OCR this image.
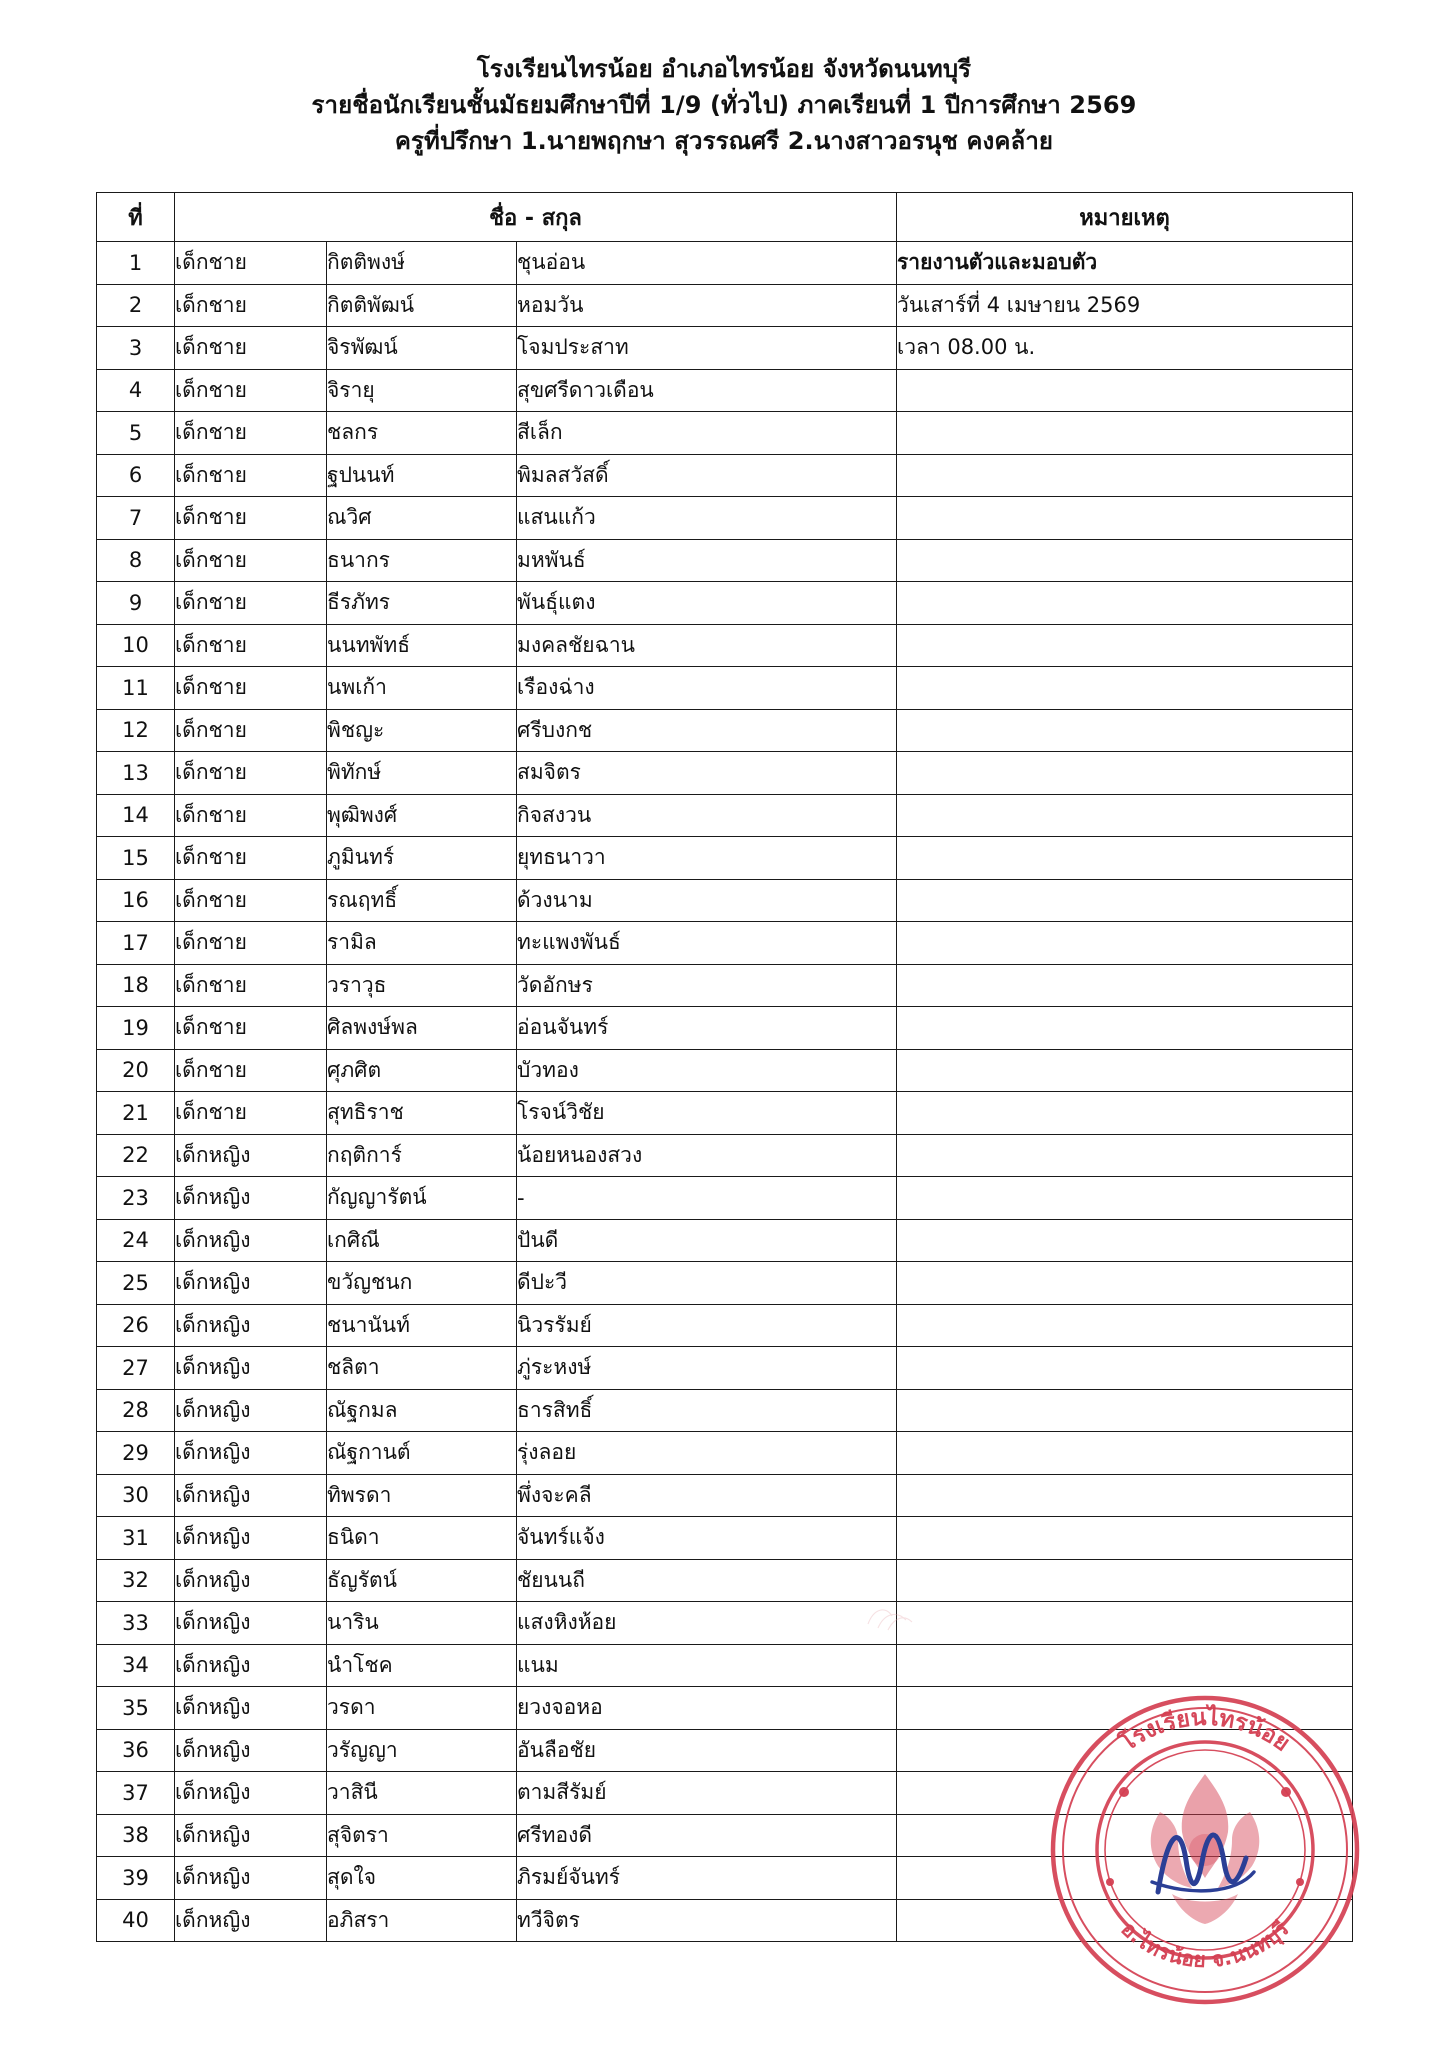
โรงเรียนไทรน้อย อำเภอไทรน้อย จังหวัดนนทบุรี
รายชื่อนักเรียนชั้นมัธยมศึกษาปีที่ 1/9 (ทั่วไป) ภาคเรียนที่ 1 ปีการศึกษา 2569
ครูที่ปรึกษา 1.นายพฤกษา สุวรรณศรี 2.นางสาวอรนุช คงคล้าย
ที่	ชื่อ - สกุล			หมายเหตุ
1	เด็กชาย	กิตติพงษ์	ชุนอ่อน	รายงานตัวและมอบตัว
2	เด็กชาย	กิตติพัฒน์	หอมวัน	วันเสาร์ที่ 4 เมษายน 2569
3	เด็กชาย	จิรพัฒน์	โจมประสาท	เวลา 08.00 น.
4	เด็กชาย	จิรายุ	สุขศรีดาวเดือน	
5	เด็กชาย	ชลกร	สีเล็ก	
6	เด็กชาย	ฐปนนท์	พิมลสวัสดิ์	
7	เด็กชาย	ณวิศ	แสนแก้ว	
8	เด็กชาย	ธนากร	มหพันธ์	
9	เด็กชาย	ธีรภัทร	พันธุ์แตง	
10	เด็กชาย	นนทพัทธ์	มงคลชัยฉาน	
11	เด็กชาย	นพเก้า	เรืองฉ่าง	
12	เด็กชาย	พิชญะ	ศรีบงกช	
13	เด็กชาย	พิทักษ์	สมจิตร	
14	เด็กชาย	พุฒิพงศ์	กิจสงวน	
15	เด็กชาย	ภูมินทร์	ยุทธนาวา	
16	เด็กชาย	รณฤทธิ์	ด้วงนาม	
17	เด็กชาย	รามิล	ทะแพงพันธ์	
18	เด็กชาย	วราวุธ	วัดอักษร	
19	เด็กชาย	ศิลพงษ์พล	อ่อนจันทร์	
20	เด็กชาย	ศุภศิต	บัวทอง	
21	เด็กชาย	สุทธิราช	โรจน์วิชัย	
22	เด็กหญิง	กฤติการ์	น้อยหนองสวง	
23	เด็กหญิง	กัญญารัตน์	-	
24	เด็กหญิง	เกศิณี	ปันดี	
25	เด็กหญิง	ขวัญชนก	ดีปะวี	
26	เด็กหญิง	ชนานันท์	นิวรรัมย์	
27	เด็กหญิง	ชลิตา	ภู่ระหงษ์	
28	เด็กหญิง	ณัฐกมล	ธารสิทธิ์	
29	เด็กหญิง	ณัฐกานต์	รุ่งลอย	
30	เด็กหญิง	ทิพรดา	พึ่งจะคลี	
31	เด็กหญิง	ธนิดา	จันทร์แจ้ง	
32	เด็กหญิง	ธัญรัตน์	ชัยนนถี	
33	เด็กหญิง	นาริน	แสงหิงห้อย	
34	เด็กหญิง	นำโชค	แนม	
35	เด็กหญิง	วรดา	ยวงจอหอ	
36	เด็กหญิง	วรัญญา	อันลือชัย	
37	เด็กหญิง	วาสินี	ตามสีรัมย์	
38	เด็กหญิง	สุจิตรา	ศรีทองดี	
39	เด็กหญิง	สุดใจ	ภิรมย์จันทร์	
40	เด็กหญิง	อภิสรา	ทวีจิตร	
โรงเรียนไทรน้อย
อ.ไทรน้อย จ.นนทบุรี
